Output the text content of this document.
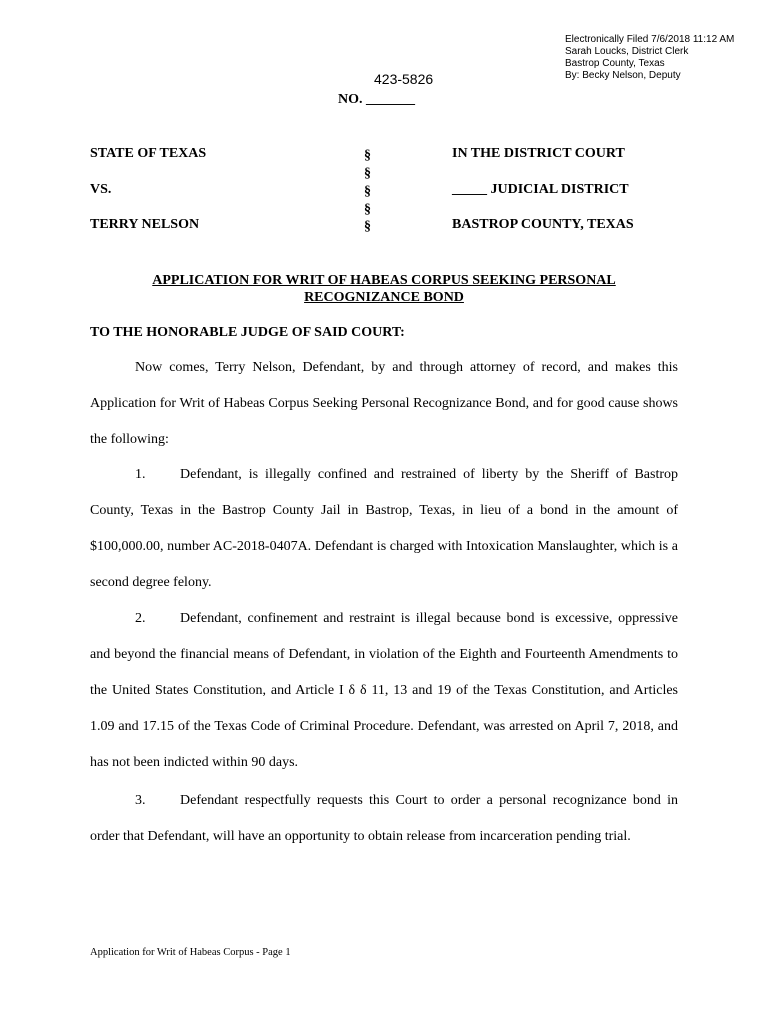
Electronically Filed 7/6/2018 11:12 AM
Sarah Loucks, District Clerk
Bastrop County, Texas
By: Becky Nelson, Deputy
423-5826
NO. _______
STATE OF TEXAS
VS.
TERRY NELSON
§
§
§
§
§
IN THE DISTRICT COURT
_____ JUDICIAL DISTRICT
BASTROP COUNTY, TEXAS
APPLICATION FOR WRIT OF HABEAS CORPUS SEEKING PERSONAL
RECOGNIZANCE BOND
TO THE HONORABLE JUDGE OF SAID COURT:

Now comes, Terry Nelson, Defendant, by and through attorney of record, and makes this Application for Writ of Habeas Corpus Seeking Personal Recognizance Bond, and for good cause shows the following:

1. Defendant, is illegally confined and restrained of liberty by the Sheriff of Bastrop County, Texas in the Bastrop County Jail in Bastrop, Texas, in lieu of a bond in the amount of $100,000.00, number AC-2018-0407A. Defendant is charged with Intoxication Manslaughter, which is a second degree felony.

2. Defendant, confinement and restraint is illegal because bond is excessive, oppressive and beyond the financial means of Defendant, in violation of the Eighth and Fourteenth Amendments to the United States Constitution, and Article I δ δ 11, 13 and 19 of the Texas Constitution, and Articles 1.09 and 17.15 of the Texas Code of Criminal Procedure. Defendant, was arrested on April 7, 2018, and has not been indicted within 90 days.

3. Defendant respectfully requests this Court to order a personal recognizance bond in order that Defendant, will have an opportunity to obtain release from incarceration pending trial.

Application for Writ of Habeas Corpus - Page 1
